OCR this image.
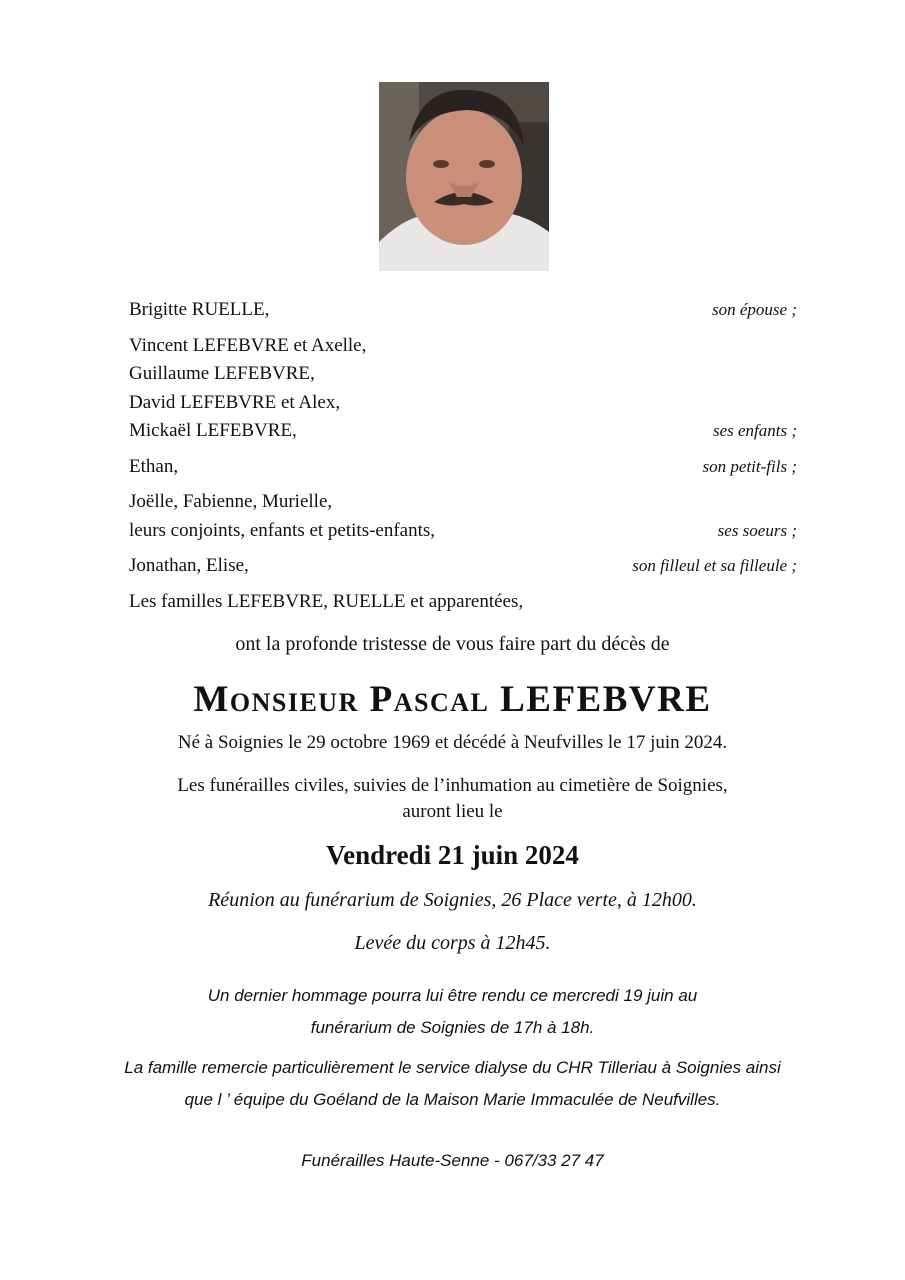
Brigitte RUELLE,	son épouse ;
Vincent LEFEBVRE et Axelle,
Guillaume LEFEBVRE,
David LEFEBVRE et Alex,
Mickaël LEFEBVRE,	ses enfants ;
Ethan,	son petit-fils ;
Joëlle, Fabienne, Murielle,
leurs conjoints, enfants et petits-enfants,	ses soeurs ;
Jonathan, Elise,	son filleul et sa filleule ;
Les familles LEFEBVRE, RUELLE et apparentées,

ont la profonde tristesse de vous faire part du décès de

Monsieur Pascal LEFEBVRE

Né à Soignies le 29 octobre 1969 et décédé à Neufvilles le 17 juin 2024.

Les funérailles civiles, suivies de l’inhumation au cimetière de Soignies,
auront lieu le

Vendredi 21 juin 2024

Réunion au funérarium de Soignies, 26 Place verte, à 12h00.

Levée du corps à 12h45.

Un dernier hommage pourra lui être rendu ce mercredi 19 juin au
funérarium de Soignies de 17h à 18h.

La famille remercie particulièrement le service dialyse du CHR Tilleriau à Soignies ainsi
que l ’ équipe du Goéland de la Maison Marie Immaculée de Neufvilles.

Funérailles Haute-Senne - 067/33 27 47
